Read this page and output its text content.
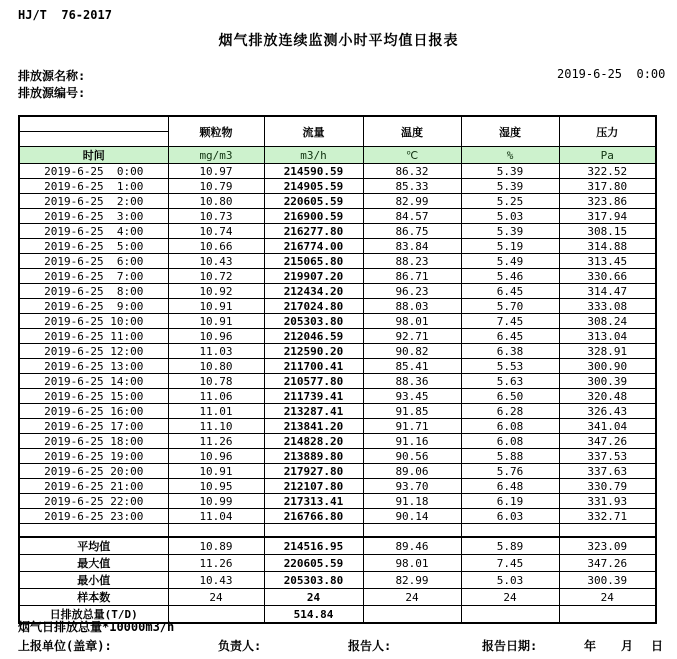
HJ/T  76-2017
烟气排放连续监测小时平均值日报表
排放源名称:	2019-6-25  0:00
排放源编号:
	颗粒物	流量	温度	湿度	压力

时间	mg/m3	m3/h	℃	%	Pa
2019-6-25  0:00	10.97	214590.59	86.32	5.39	322.52
2019-6-25  1:00	10.79	214905.59	85.33	5.39	317.80
2019-6-25  2:00	10.80	220605.59	82.99	5.25	323.86
2019-6-25  3:00	10.73	216900.59	84.57	5.03	317.94
2019-6-25  4:00	10.74	216277.80	86.75	5.39	308.15
2019-6-25  5:00	10.66	216774.00	83.84	5.19	314.88
2019-6-25  6:00	10.43	215065.80	88.23	5.49	313.45
2019-6-25  7:00	10.72	219907.20	86.71	5.46	330.66
2019-6-25  8:00	10.92	212434.20	96.23	6.45	314.47
2019-6-25  9:00	10.91	217024.80	88.03	5.70	333.08
2019-6-25 10:00	10.91	205303.80	98.01	7.45	308.24
2019-6-25 11:00	10.96	212046.59	92.71	6.45	313.04
2019-6-25 12:00	11.03	212590.20	90.82	6.38	328.91
2019-6-25 13:00	10.80	211700.41	85.41	5.53	300.90
2019-6-25 14:00	10.78	210577.80	88.36	5.63	300.39
2019-6-25 15:00	11.06	211739.41	93.45	6.50	320.48
2019-6-25 16:00	11.01	213287.41	91.85	6.28	326.43
2019-6-25 17:00	11.10	213841.20	91.71	6.08	341.04
2019-6-25 18:00	11.26	214828.20	91.16	6.08	347.26
2019-6-25 19:00	10.96	213889.80	90.56	5.88	337.53
2019-6-25 20:00	10.91	217927.80	89.06	5.76	337.63
2019-6-25 21:00	10.95	212107.80	93.70	6.48	330.79
2019-6-25 22:00	10.99	217313.41	91.18	6.19	331.93
2019-6-25 23:00	11.04	216766.80	90.14	6.03	332.71

平均值	10.89	214516.95	89.46	5.89	323.09
最大值	11.26	220605.59	98.01	7.45	347.26
最小值	10.43	205303.80	82.99	5.03	300.39
样本数	24	24	24	24	24
日排放总量(T/D)		514.84			
烟气日排放总量*10000m3/h
上报单位(盖章):	负责人:	报告人:	报告日期:	年 月 日
